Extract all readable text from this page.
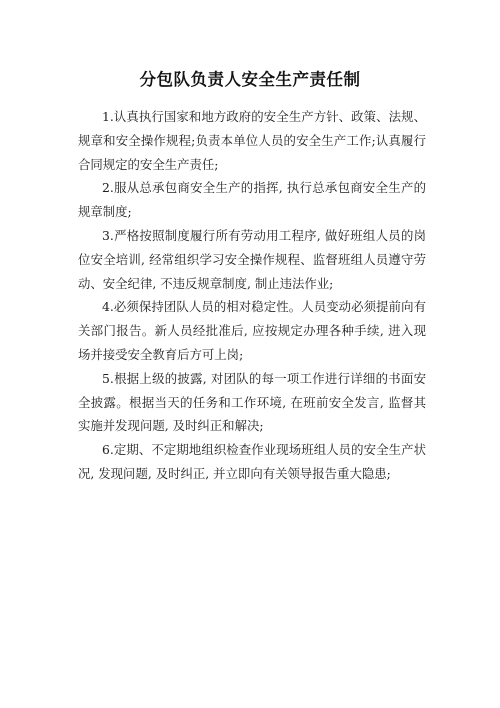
分包队负责人安全生产责任制

1.认真执行国家和地方政府的安全生产方针、政策、法规、规章和安全操作规程;负责本单位人员的安全生产工作;认真履行合同规定的安全生产责任;

2.服从总承包商安全生产的指挥, 执行总承包商安全生产的规章制度;

3.严格按照制度履行所有劳动用工程序, 做好班组人员的岗位安全培训, 经常组织学习安全操作规程、监督班组人员遵守劳动、安全纪律, 不违反规章制度, 制止违法作业;

4.必须保持团队人员的相对稳定性。人员变动必须提前向有关部门报告。新人员经批准后, 应按规定办理各种手续, 进入现场并接受安全教育后方可上岗;

5.根据上级的披露, 对团队的每一项工作进行详细的书面安全披露。根据当天的任务和工作环境, 在班前安全发言, 监督其实施并发现问题, 及时纠正和解决;

6.定期、不定期地组织检查作业现场班组人员的安全生产状况, 发现问题, 及时纠正, 并立即向有关领导报告重大隐患;
